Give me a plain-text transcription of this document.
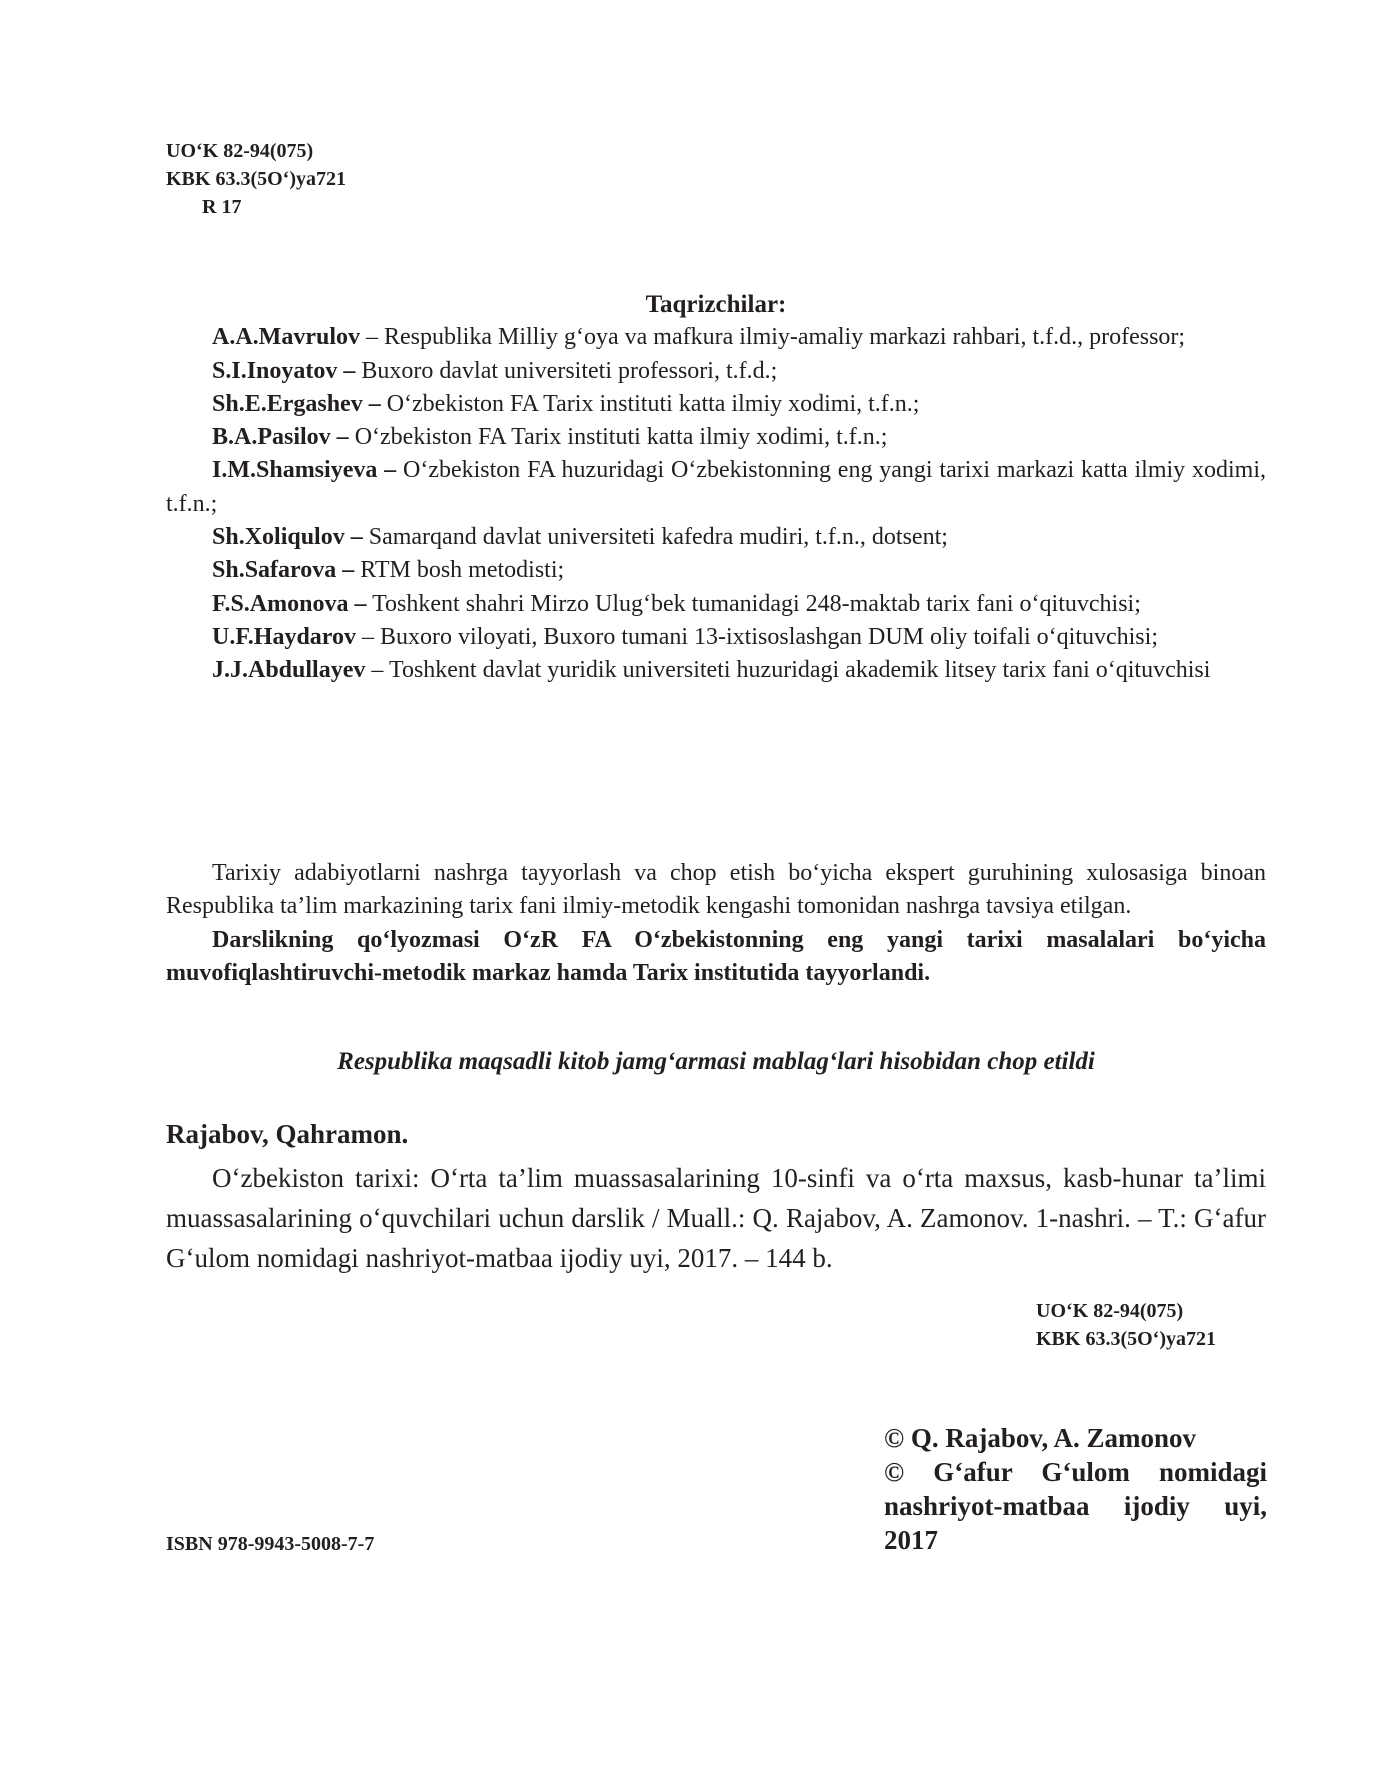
UO‘K 82-94(075)
KBK 63.3(5O‘)ya721
R 17
Taqrizchilar:

A.A.Mavrulov – Respublika Milliy g‘oya va mafkura ilmiy-amaliy markazi rahbari, t.f.d., professor;

S.I.Inoyatov – Buxoro davlat universiteti professori, t.f.d.;

Sh.E.Ergashev – O‘zbekiston FA Tarix instituti katta ilmiy xodimi, t.f.n.;

B.A.Pasilov – O‘zbekiston FA Tarix instituti katta ilmiy xodimi, t.f.n.;

I.M.Shamsiyeva – O‘zbekiston FA huzuridagi O‘zbekistonning eng yangi tarixi markazi katta ilmiy xodimi, t.f.n.;

Sh.Xoliqulov – Samarqand davlat universiteti kafedra mudiri, t.f.n., dotsent;

Sh.Safarova – RTM bosh metodisti;

F.S.Amonova – Toshkent shahri Mirzo Ulug‘bek tumanidagi 248-maktab tarix fani o‘qituvchisi;

U.F.Haydarov – Buxoro viloyati, Buxoro tumani 13-ixtisoslashgan DUM oliy toifali o‘qituvchisi;

J.J.Abdullayev – Toshkent davlat yuridik universiteti huzuridagi akademik litsey tarix fani o‘qituvchisi

Tarixiy adabiyotlarni nashrga tayyorlash va chop etish bo‘yicha ekspert guruhining xulosasiga binoan Respublika ta’lim markazining tarix fani ilmiy-metodik kengashi tomonidan nashrga tavsiya etilgan.

Darslikning qo‘lyozmasi O‘zR FA O‘zbekistonning eng yangi tarixi masalalari bo‘yicha muvofiqlashtiruvchi-metodik markaz hamda Tarix institutida tayyorlandi.

Respublika maqsadli kitob jamg‘armasi mablag‘lari hisobidan chop etildi

Rajabov, Qahramon.

O‘zbekiston tarixi: O‘rta ta’lim muassasalarining 10-sinfi va o‘rta maxsus, kasb-hunar ta’limi muassasalarining o‘quvchilari uchun darslik / Muall.: Q. Rajabov, A. Zamonov. 1-nashri. – T.: G‘afur G‘ulom nomidagi nashriyot-matbaa ijodiy uyi, 2017. – 144 b.

UO‘K 82-94(075)
KBK 63.3(5O‘)ya721

© Q. Rajabov, A. Zamonov

© G‘afur G‘ulom nomidagi nashriyot-matbaa ijodiy uyi, 2017

ISBN 978-9943-5008-7-7
